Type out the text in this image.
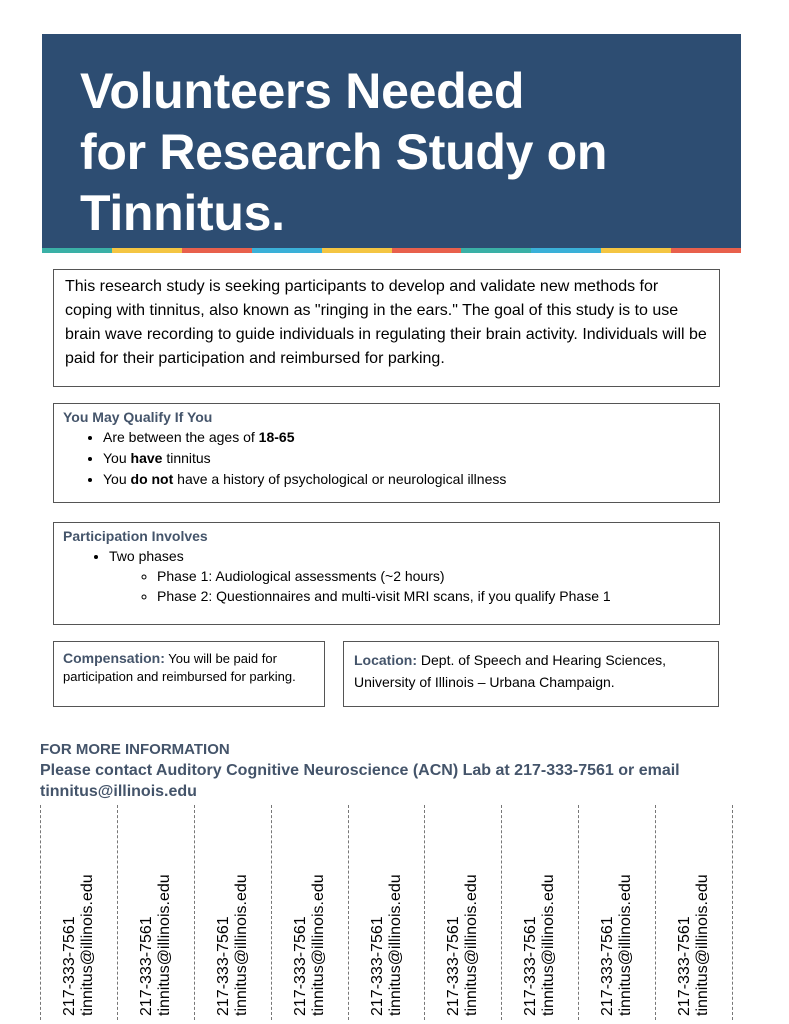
Volunteers Needed
for Research Study on
Tinnitus.

This research study is seeking participants to develop and validate new methods for coping with tinnitus, also known as "ringing in the ears." The goal of this study is to use brain wave recording to guide individuals in regulating their brain activity. Individuals will be paid for their participation and reimbursed for parking.

You May Qualify If You
• Are between the ages of 18-65
• You have tinnitus
• You do not have a history of psychological or neurological illness
Participation Involves
• Two phases
◦ Phase 1: Audiological assessments (~2 hours)
◦ Phase 2: Questionnaires and multi-visit MRI scans, if you qualify Phase 1
Compensation: You will be paid for participation and reimbursed for parking.
Location: Dept. of Speech and Hearing Sciences, University of Illinois – Urbana Champaign.
FOR MORE INFORMATION
Please contact Auditory Cognitive Neuroscience (ACN) Lab at 217-333-7561 or email tinnitus@illinois.edu
217-333-7561 tinnitus@illinois.edu	217-333-7561 tinnitus@illinois.edu	217-333-7561 tinnitus@illinois.edu	217-333-7561 tinnitus@illinois.edu	217-333-7561 tinnitus@illinois.edu	217-333-7561 tinnitus@illinois.edu	217-333-7561 tinnitus@illinois.edu	217-333-7561 tinnitus@illinois.edu	217-333-7561 tinnitus@illinois.edu
